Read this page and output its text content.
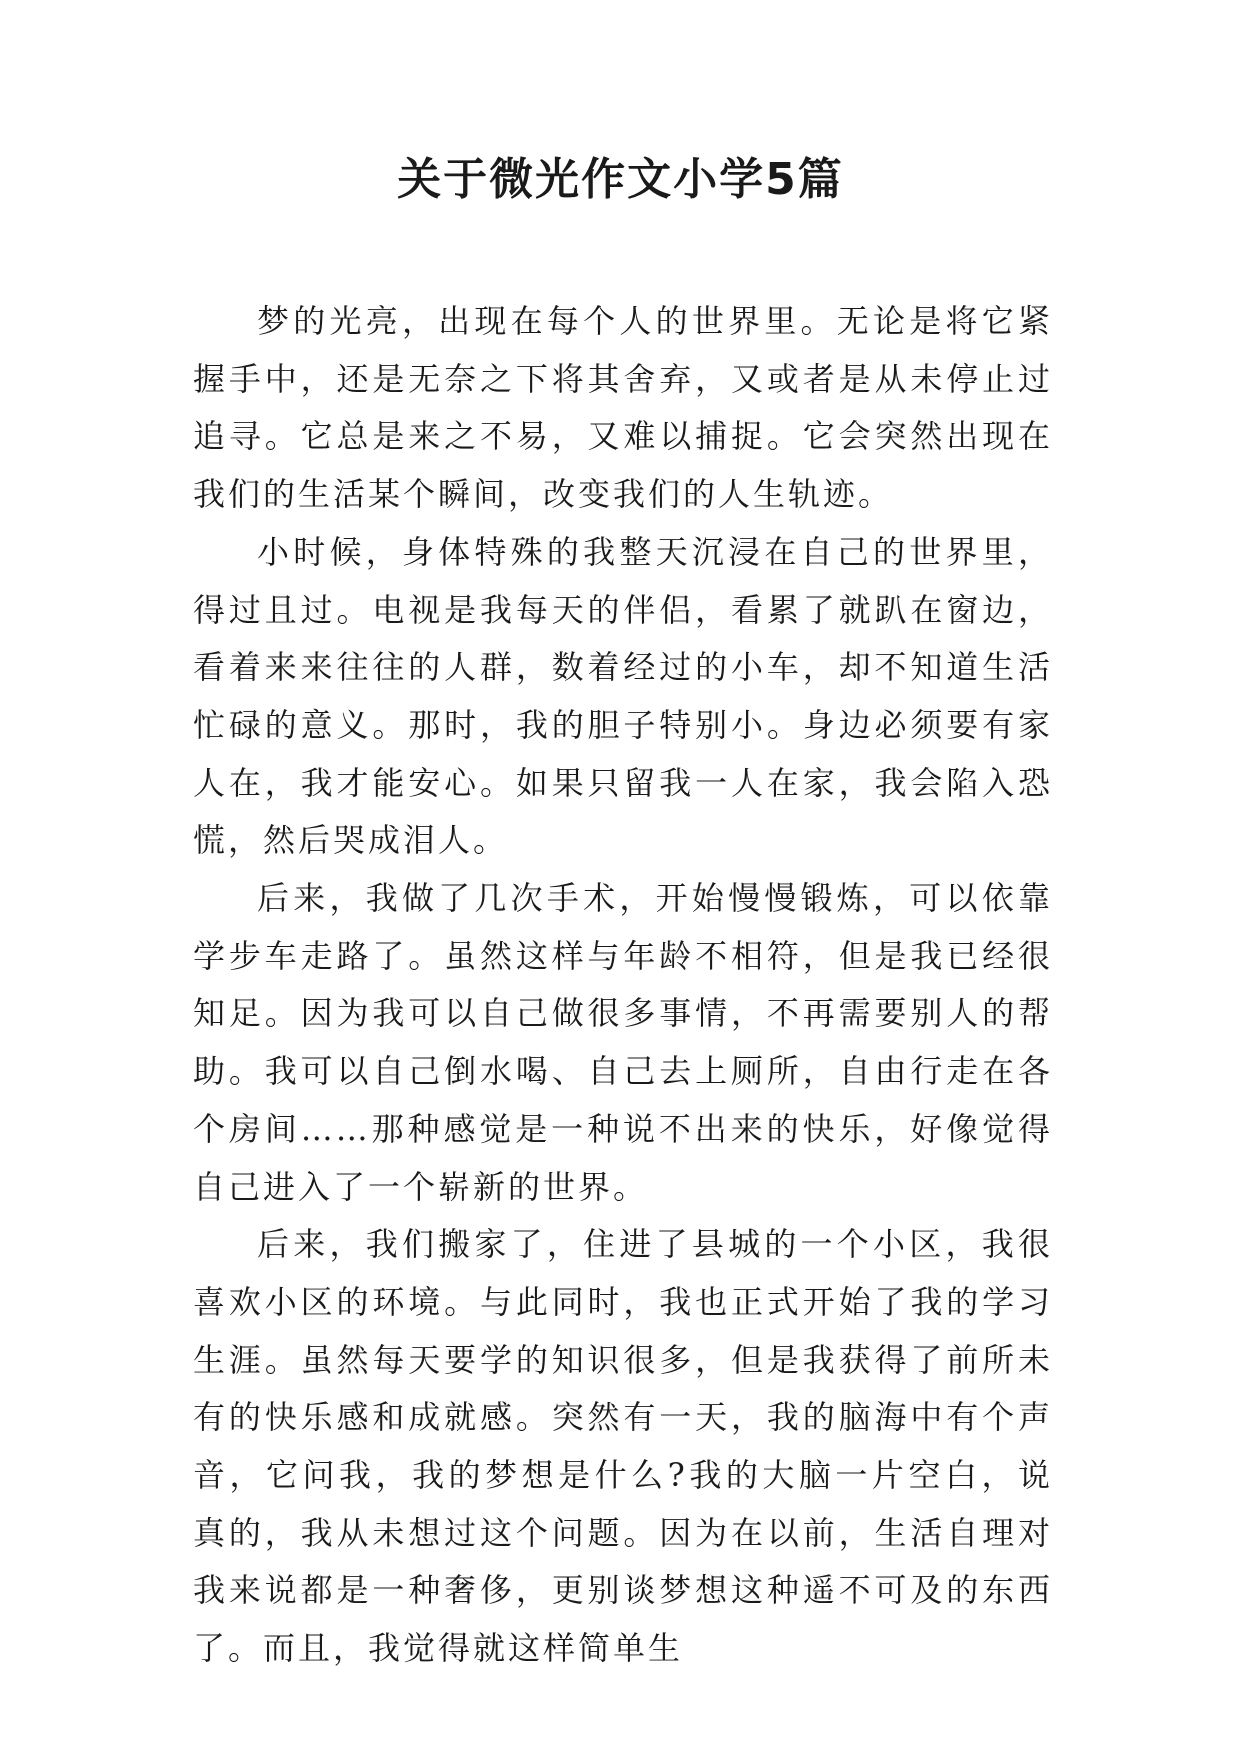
关于微光作文小学5篇

梦的光亮，出现在每个人的世界里。无论是将它紧握手中，还是无奈之下将其舍弃，又或者是从未停止过追寻。它总是来之不易，又难以捕捉。它会突然出现在我们的生活某个瞬间，改变我们的人生轨迹。

小时候，身体特殊的我整天沉浸在自己的世界里，得过且过。电视是我每天的伴侣，看累了就趴在窗边，看着来来往往的人群，数着经过的小车，却不知道生活忙碌的意义。那时，我的胆子特别小。身边必须要有家人在，我才能安心。如果只留我一人在家，我会陷入恐慌，然后哭成泪人。

后来，我做了几次手术，开始慢慢锻炼，可以依靠学步车走路了。虽然这样与年龄不相符，但是我已经很知足。因为我可以自己做很多事情，不再需要别人的帮助。我可以自己倒水喝、自己去上厕所，自由行走在各个房间……那种感觉是一种说不出来的快乐，好像觉得自己进入了一个崭新的世界。

后来，我们搬家了，住进了县城的一个小区，我很喜欢小区的环境。与此同时，我也正式开始了我的学习生涯。虽然每天要学的知识很多，但是我获得了前所未有的快乐感和成就感。突然有一天，我的脑海中有个声音，它问我，我的梦想是什么?我的大脑一片空白，说真的，我从未想过这个问题。因为在以前，生活自理对我来说都是一种奢侈，更别谈梦想这种遥不可及的东西了。而且，我觉得就这样简单生
